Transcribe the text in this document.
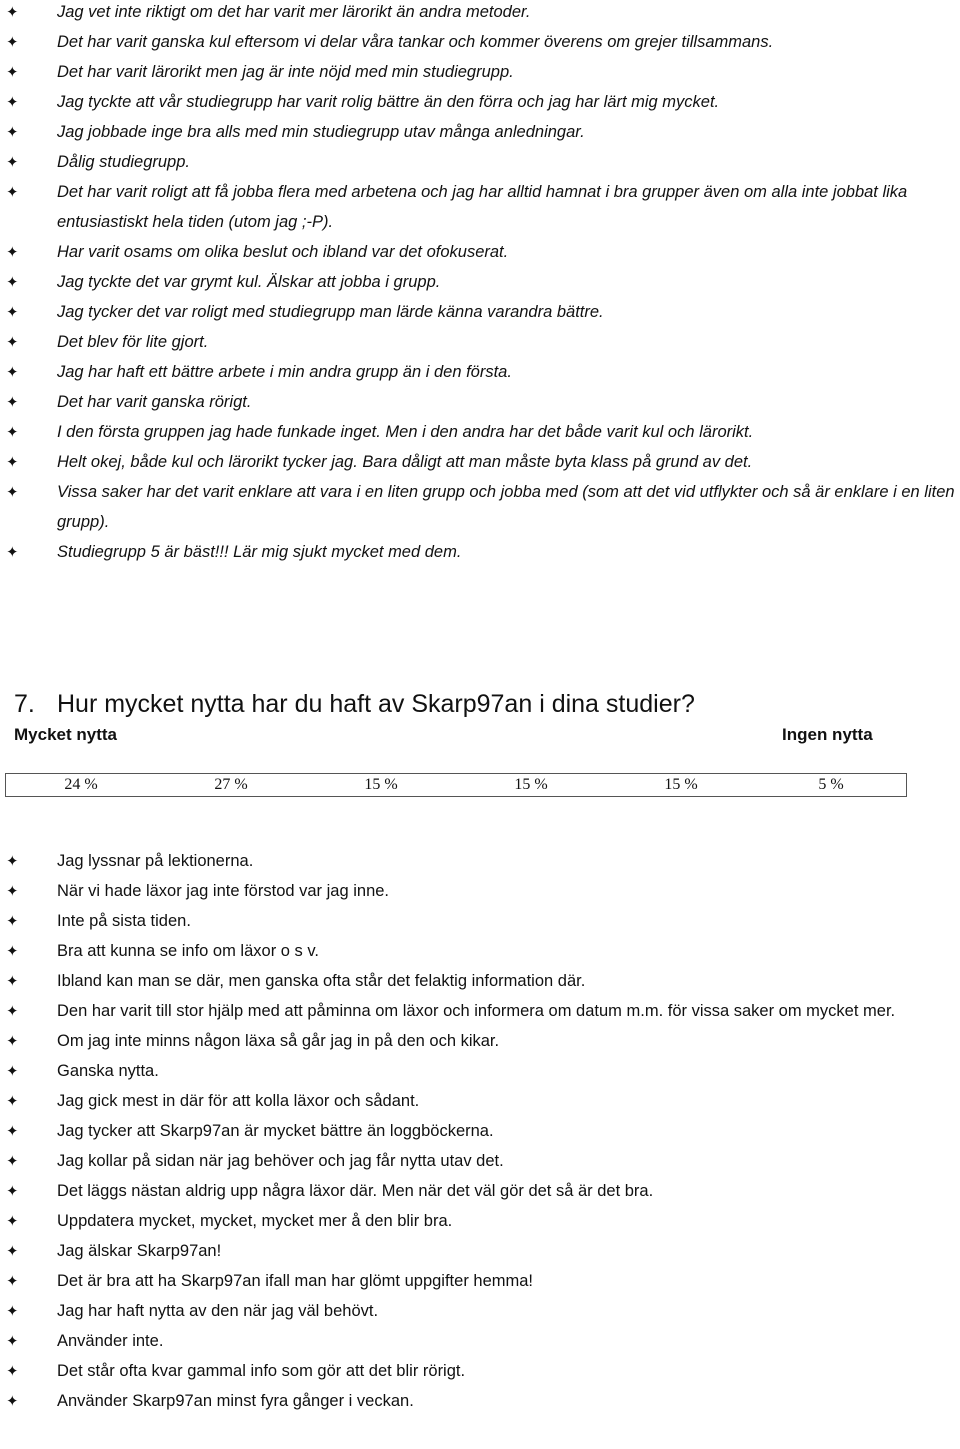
✦ Jag vet inte riktigt om det har varit mer lärorikt än andra metoder.
✦ Det har varit ganska kul eftersom vi delar våra tankar och kommer överens om grejer tillsammans.
✦ Det har varit lärorikt men jag är inte nöjd med min studiegrupp.
✦ Jag tyckte att vår studiegrupp har varit rolig bättre än den förra och jag har lärt mig mycket.
✦ Jag jobbade inge bra alls med min studiegrupp utav många anledningar.
✦ Dålig studiegrupp.
✦ Det har varit roligt att få jobba flera med arbetena och jag har alltid hamnat i bra grupper även om alla inte jobbat lika entusiastiskt hela tiden (utom jag ;-P).
✦ Har varit osams om olika beslut och ibland var det ofokuserat.
✦ Jag tyckte det var grymt kul. Älskar att jobba i grupp.
✦ Jag tycker det var roligt med studiegrupp man lärde känna varandra bättre.
✦ Det blev för lite gjort.
✦ Jag har haft ett bättre arbete i min andra grupp än i den första.
✦ Det har varit ganska rörigt.
✦ I den första gruppen jag hade funkade inget. Men i den andra har det både varit kul och lärorikt.
✦ Helt okej, både kul och lärorikt tycker jag. Bara dåligt att man måste byta klass på grund av det.
✦ Vissa saker har det varit enklare att vara i en liten grupp och jobba med (som att det vid utflykter och så är enklare i en liten grupp).
✦ Studiegrupp 5 är bäst!!! Lär mig sjukt mycket med dem.
7. Hur mycket nytta har du haft av Skarp97an i dina studier?
Mycket nytta	Ingen nytta
24 %	27 %	15 %	15 %	15 %	5 %
✦ Jag lyssnar på lektionerna.
✦ När vi hade läxor jag inte förstod var jag inne.
✦ Inte på sista tiden.
✦ Bra att kunna se info om läxor o s v.
✦ Ibland kan man se där, men ganska ofta står det felaktig information där.
✦ Den har varit till stor hjälp med att påminna om läxor och informera om datum m.m. för vissa saker om mycket mer.
✦ Om jag inte minns någon läxa så går jag in på den och kikar.
✦ Ganska nytta.
✦ Jag gick mest in där för att kolla läxor och sådant.
✦ Jag tycker att Skarp97an är mycket bättre än loggböckerna.
✦ Jag kollar på sidan när jag behöver och jag får nytta utav det.
✦ Det läggs nästan aldrig upp några läxor där. Men när det väl gör det så är det bra.
✦ Uppdatera mycket, mycket, mycket mer å den blir bra.
✦ Jag älskar Skarp97an!
✦ Det är bra att ha Skarp97an ifall man har glömt uppgifter hemma!
✦ Jag har haft nytta av den när jag väl behövt.
✦ Använder inte.
✦ Det står ofta kvar gammal info som gör att det blir rörigt.
✦ Använder Skarp97an minst fyra gånger i veckan.
